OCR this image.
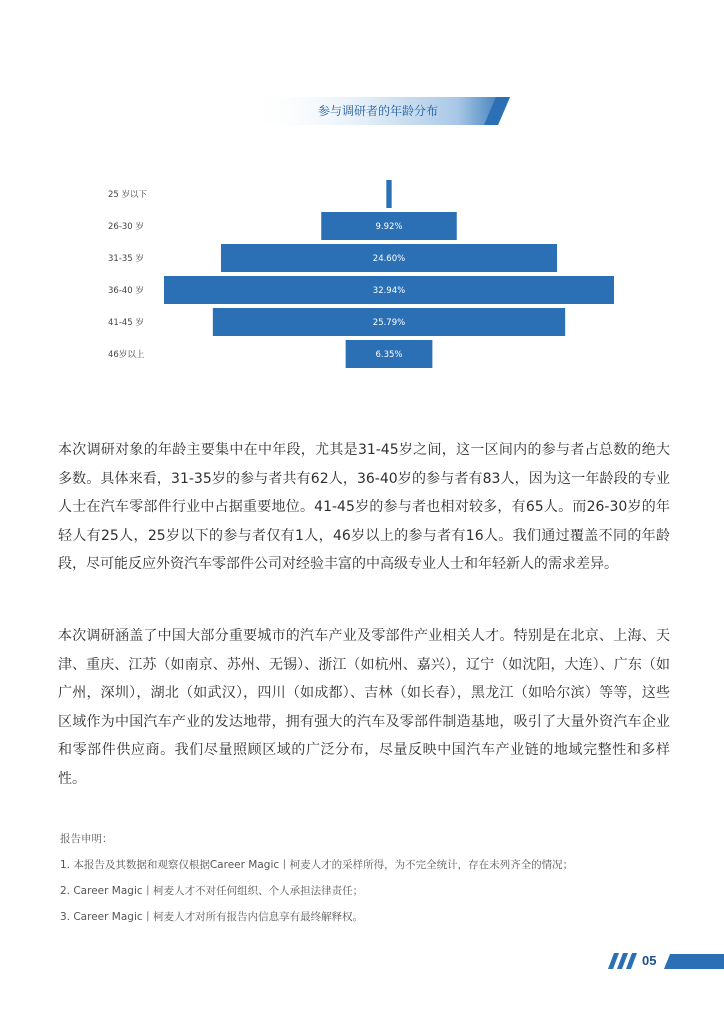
参与调研者的年龄分布
25 岁以下
26-30 岁	9.92%
31-35 岁	24.60%
36-40 岁	32.94%
41-45 岁	25.79%
46岁以上	6.35%

本次调研对象的年龄主要集中在中年段，尤其是31-45岁之间，这一区间内的参与者占总数的绝大多数。具体来看，31-35岁的参与者共有62人，36-40岁的参与者有83人，因为这一年龄段的专业人士在汽车零部件行业中占据重要地位。41-45岁的参与者也相对较多，有65人。而26-30岁的年轻人有25人，25岁以下的参与者仅有1人，46岁以上的参与者有16人。我们通过覆盖不同的年龄段，尽可能反应外资汽车零部件公司对经验丰富的中高级专业人士和年轻新人的需求差异。

本次调研涵盖了中国大部分重要城市的汽车产业及零部件产业相关人才。特别是在北京、上海、天津、重庆、江苏（如南京、苏州、无锡）、浙江（如杭州、嘉兴），辽宁（如沈阳，大连）、广东（如广州，深圳），湖北（如武汉），四川（如成都）、吉林（如长春），黑龙江（如哈尔滨）等等，这些区域作为中国汽车产业的发达地带，拥有强大的汽车及零部件制造基地，吸引了大量外资汽车企业和零部件供应商。我们尽量照顾区域的广泛分布，尽量反映中国汽车产业链的地域完整性和多样性。

报告申明：
1. 本报告及其数据和观察仅根据Career Magic丨柯麦人才的采样所得，为不完全统计，存在未列齐全的情况；
2. Career Magic丨柯麦人才不对任何组织、个人承担法律责任；
3. Career Magic丨柯麦人才对所有报告内信息享有最终解释权。
05
